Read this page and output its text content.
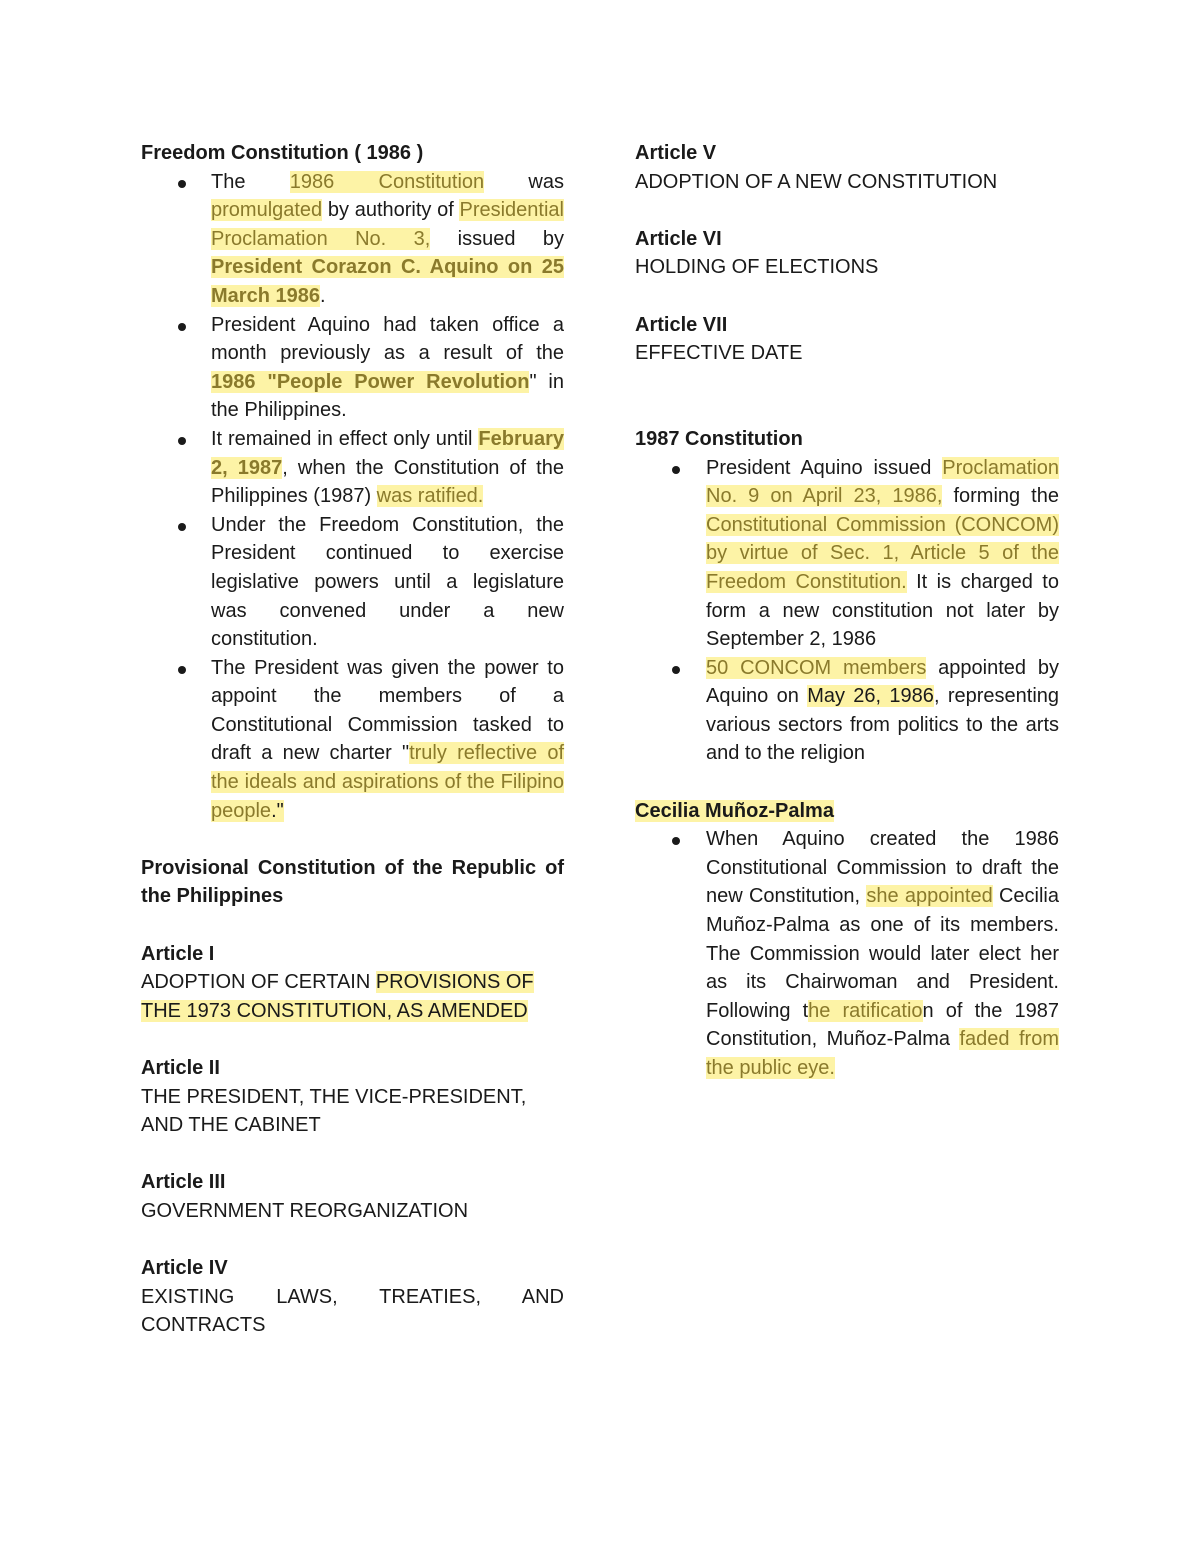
Freedom Constitution ( 1986 )

The 1986 Constitution was promulgated by authority of Presidential Proclamation No. 3, issued by President Corazon C. Aquino on 25 March 1986.
President Aquino had taken office a month previously as a result of the 1986 "People Power Revolution" in the Philippines.
It remained in effect only until February 2, 1987, when the Constitution of the Philippines (1987) was ratified.
Under the Freedom Constitution, the President continued to exercise legislative powers until a legislature was convened under a new constitution.
The President was given the power to appoint the members of a Constitutional Commission tasked to draft a new charter "truly reflective of the ideals and aspirations of the Filipino people."

Provisional Constitution of the Republic of the Philippines

Article I

ADOPTION OF CERTAIN PROVISIONS OF THE 1973 CONSTITUTION, AS AMENDED

Article II

THE PRESIDENT, THE VICE-PRESIDENT, AND THE CABINET

Article III

GOVERNMENT REORGANIZATION

Article IV

EXISTING LAWS, TREATIES, AND CONTRACTS

Article V

ADOPTION OF A NEW CONSTITUTION

Article VI

HOLDING OF ELECTIONS

Article VII

EFFECTIVE DATE

1987 Constitution

President Aquino issued Proclamation No. 9 on April 23, 1986, forming the Constitutional Commission (CONCOM) by virtue of Sec. 1, Article 5 of the Freedom Constitution. It is charged to form a new constitution not later by September 2, 1986
50 CONCOM members appointed by Aquino on May 26, 1986, representing various sectors from politics to the arts and to the religion

Cecilia Muñoz-Palma

When Aquino created the 1986 Constitutional Commission to draft the new Constitution, she appointed Cecilia Muñoz-Palma as one of its members. The Commission would later elect her as its Chairwoman and President. Following the ratification of the 1987 Constitution, Muñoz-Palma faded from the public eye.
